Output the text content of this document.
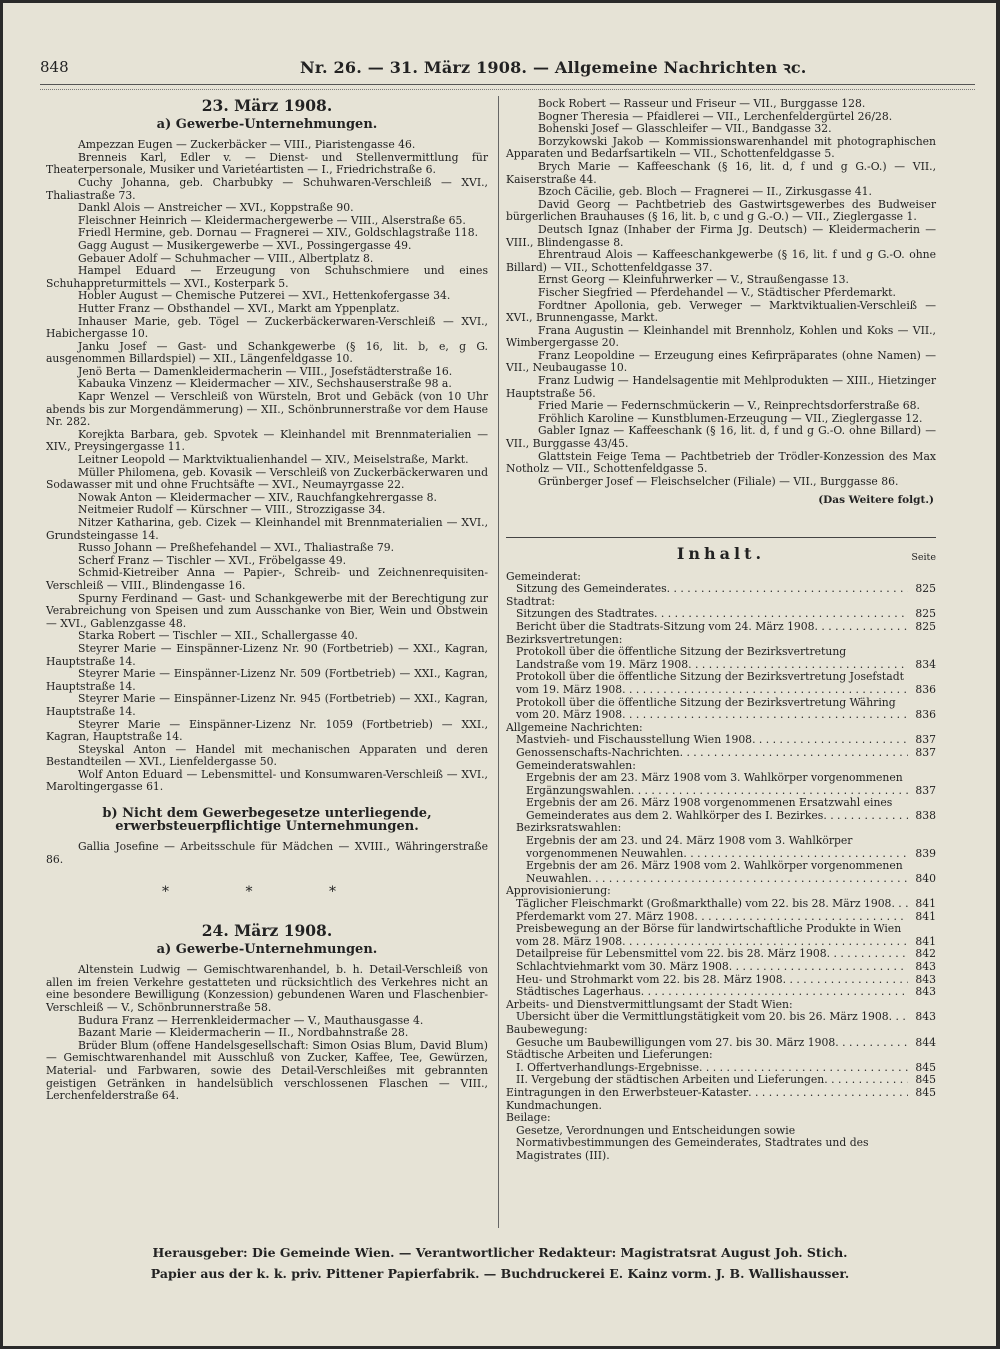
848	Nr. 26. — 31. März 1908. — Allgemeine Nachrichten ꝛc.
23. März 1908.
a) Gewerbe-Unternehmungen.

Ampezzan Eugen — Zuckerbäcker — VIII., Piaristengasse 46.

Brenneis Karl, Edler v. — Dienst- und Stellenvermittlung für Theaterpersonale, Musiker und Varietéartisten — I., Friedrichstraße 6.

Cuchy Johanna, geb. Charbubky — Schuhwaren-Verschleiß — XVI., Thaliastraße 73.

Dankl Alois — Anstreicher — XVI., Koppstraße 90.

Fleischner Heinrich — Kleidermachergewerbe — VIII., Alserstraße 65.

Friedl Hermine, geb. Dornau — Fragnerei — XIV., Goldschlagstraße 118.

Gagg August — Musikergewerbe — XVI., Possingergasse 49.

Gebauer Adolf — Schuhmacher — VIII., Albertplatz 8.

Hampel Eduard — Erzeugung von Schuhschmiere und eines Schuhappreturmittels — XVI., Kosterpark 5.

Hobler August — Chemische Putzerei — XVI., Hettenkofergasse 34.

Hutter Franz — Obsthandel — XVI., Markt am Yppenplatz.

Inhauser Marie, geb. Tögel — Zuckerbäckerwaren-Verschleiß — XVI., Habichergasse 10.

Janku Josef — Gast- und Schankgewerbe (§ 16, lit. b, e, g G. ausgenommen Billardspiel) — XII., Längenfeldgasse 10.

Jenö Berta — Damenkleidermacherin — VIII., Josefstädterstraße 16.

Kabauka Vinzenz — Kleidermacher — XIV., Sechshauserstraße 98 a.

Kapr Wenzel — Verschleiß von Würsteln, Brot und Gebäck (von 10 Uhr abends bis zur Morgendämmerung) — XII., Schönbrunnerstraße vor dem Hause Nr. 282.

Korejkta Barbara, geb. Spvotek — Kleinhandel mit Brennmaterialien — XIV., Preysingergasse 11.

Leitner Leopold — Marktviktualienhandel — XIV., Meiselstraße, Markt.

Müller Philomena, geb. Kovasik — Verschleiß von Zuckerbäckerwaren und Sodawasser mit und ohne Fruchtsäfte — XVI., Neumayrgasse 22.

Nowak Anton — Kleidermacher — XIV., Rauchfangkehrergasse 8.

Neitmeier Rudolf — Kürschner — VIII., Strozzigasse 34.

Nitzer Katharina, geb. Cizek — Kleinhandel mit Brennmaterialien — XVI., Grundsteingasse 14.

Russo Johann — Preßhefehandel — XVI., Thaliastraße 79.

Scherf Franz — Tischler — XVI., Fröbelgasse 49.

Schmid-Kietreiber Anna — Papier-, Schreib- und Zeichnenrequisiten-Verschleiß — VIII., Blindengasse 16.

Spurny Ferdinand — Gast- und Schankgewerbe mit der Berechtigung zur Verabreichung von Speisen und zum Ausschanke von Bier, Wein und Obstwein — XVI., Gablenzgasse 48.

Starka Robert — Tischler — XII., Schallergasse 40.

Steyrer Marie — Einspänner-Lizenz Nr. 90 (Fortbetrieb) — XXI., Kagran, Hauptstraße 14.

Steyrer Marie — Einspänner-Lizenz Nr. 509 (Fortbetrieb) — XXI., Kagran, Hauptstraße 14.

Steyrer Marie — Einspänner-Lizenz Nr. 945 (Fortbetrieb) — XXI., Kagran, Hauptstraße 14.

Steyrer Marie — Einspänner-Lizenz Nr. 1059 (Fortbetrieb) — XXI., Kagran, Hauptstraße 14.

Steyskal Anton — Handel mit mechanischen Apparaten und deren Bestandteilen — XVI., Lienfeldergasse 50.

Wolf Anton Eduard — Lebensmittel- und Konsumwaren-Verschleiß — XVI., Maroltingergasse 61.

b) Nicht dem Gewerbegesetze unterliegende, erwerbsteuerpflichtige Unternehmungen.

Gallia Josefine — Arbeitsschule für Mädchen — XVIII., Währingerstraße 86.

* * *
24. März 1908.
a) Gewerbe-Unternehmungen.

Altenstein Ludwig — Gemischtwarenhandel, b. h. Detail-Verschleiß von allen im freien Verkehre gestatteten und rücksichtlich des Verkehres nicht an eine besondere Bewilligung (Konzession) gebundenen Waren und Flaschenbier-Verschleiß — V., Schönbrunnerstraße 58.

Budura Franz — Herrenkleidermacher — V., Mauthausgasse 4.

Bazant Marie — Kleidermacherin — II., Nordbahnstraße 28.

Brüder Blum (offene Handelsgesellschaft: Simon Osias Blum, David Blum) — Gemischtwarenhandel mit Ausschluß von Zucker, Kaffee, Tee, Gewürzen, Material- und Farbwaren, sowie des Detail-Verschleißes mit gebrannten geistigen Getränken in handelsüblich verschlossenen Flaschen — VIII., Lerchenfelderstraße 64.

Bock Robert — Rasseur und Friseur — VII., Burggasse 128.

Bogner Theresia — Pfaidlerei — VII., Lerchenfeldergürtel 26/28.

Bohenski Josef — Glasschleifer — VII., Bandgasse 32.

Borzykowski Jakob — Kommissionswarenhandel mit photographischen Apparaten und Bedarfsartikeln — VII., Schottenfeldgasse 5.

Brych Marie — Kaffeeschank (§ 16, lit. d, f und g G.-O.) — VII., Kaiserstraße 44.

Bzoch Cäcilie, geb. Bloch — Fragnerei — II., Zirkusgasse 41.

David Georg — Pachtbetrieb des Gastwirtsgewerbes des Budweiser bürgerlichen Brauhauses (§ 16, lit. b, c und g G.-O.) — VII., Zieglergasse 1.

Deutsch Ignaz (Inhaber der Firma Jg. Deutsch) — Kleidermacherin — VIII., Blindengasse 8.

Ehrentraud Alois — Kaffeeschankgewerbe (§ 16, lit. f und g G.-O. ohne Billard) — VII., Schottenfeldgasse 37.

Ernst Georg — Kleinfuhrwerker — V., Straußengasse 13.

Fischer Siegfried — Pferdehandel — V., Städtischer Pferdemarkt.

Fordtner Apollonia, geb. Verweger — Marktviktualien-Verschleiß — XVI., Brunnengasse, Markt.

Frana Augustin — Kleinhandel mit Brennholz, Kohlen und Koks — VII., Wimbergergasse 20.

Franz Leopoldine — Erzeugung eines Kefirpräparates (ohne Namen) — VII., Neubaugasse 10.

Franz Ludwig — Handelsagentie mit Mehlprodukten — XIII., Hietzinger Hauptstraße 56.

Fried Marie — Federnschmückerin — V., Reinprechtsdorferstraße 68.

Fröhlich Karoline — Kunstblumen-Erzeugung — VII., Zieglergasse 12.

Gabler Ignaz — Kaffeeschank (§ 16, lit. d, f und g G.-O. ohne Billard) — VII., Burggasse 43/45.

Glattstein Feige Tema — Pachtbetrieb der Trödler-Konzession des Max Notholz — VII., Schottenfeldgasse 5.

Grünberger Josef — Fleischselcher (Filiale) — VII., Burggasse 86.

(Das Weitere folgt.)
Inhalt.	Seite
Gemeinderat:
Sitzung des Gemeinderates . . .	825
Stadtrat:
Sitzungen des Stadtrates . . .	825
Bericht über die Stadtrats-Sitzung vom 24. März 1908 . . .	825
Bezirksvertretungen:
Protokoll über die öffentliche Sitzung der Bezirksvertretung Landstraße vom 19. März 1908 . . .	834
Protokoll über die öffentliche Sitzung der Bezirksvertretung Josefstadt vom 19. März 1908 . . .	836
Protokoll über die öffentliche Sitzung der Bezirksvertretung Währing vom 20. März 1908 . . .	836
Allgemeine Nachrichten:
Mastvieh- und Fischausstellung Wien 1908 . . .	837
Genossenschafts-Nachrichten . . .	837
Gemeinderatswahlen:
Ergebnis der am 23. März 1908 vom 3. Wahlkörper vorgenommenen Ergänzungswahlen . . .	837
Ergebnis der am 26. März 1908 vorgenommenen Ersatzwahl eines Gemeinderates aus dem 2. Wahlkörper des I. Bezirkes . . .	838
Bezirksratswahlen:
Ergebnis der am 23. und 24. März 1908 vom 3. Wahlkörper vorgenommenen Neuwahlen . . .	839
Ergebnis der am 26. März 1908 vom 2. Wahlkörper vorgenommenen Neuwahlen . . .	840
Approvisionierung:
Täglicher Fleischmarkt (Großmarkthalle) vom 22. bis 28. März 1908 . . .	841
Pferdemarkt vom 27. März 1908 . . .	841
Preisbewegung an der Börse für landwirtschaftliche Produkte in Wien vom 28. März 1908 . . .	841
Detailpreise für Lebensmittel vom 22. bis 28. März 1908 . . .	842
Schlachtviehmarkt vom 30. März 1908 . . .	843
Heu- und Strohmarkt vom 22. bis 28. März 1908 . . .	843
Städtisches Lagerhaus . . .	843
Arbeits- und Dienstvermittlungsamt der Stadt Wien:
Übersicht über die Vermittlungstätigkeit vom 20. bis 26. März 1908 . . .	843
Baubewegung:
Gesuche um Baubewilligungen vom 27. bis 30. März 1908 . . .	844
Städtische Arbeiten und Lieferungen:
I. Offertverhandlungs-Ergebnisse . . .	845
II. Vergebung der städtischen Arbeiten und Lieferungen . . .	845
Eintragungen in den Erwerbsteuer-Kataster . . .	845
Kundmachungen.
Beilage:
Gesetze, Verordnungen und Entscheidungen sowie Normativbestimmungen des Gemeinderates, Stadtrates und des Magistrates (III).
Herausgeber: Die Gemeinde Wien. — Verantwortlicher Redakteur: Magistratsrat August Joh. Stich.
Papier aus der k. k. priv. Pittener Papierfabrik. — Buchdruckerei E. Kainz vorm. J. B. Wallishausser.
